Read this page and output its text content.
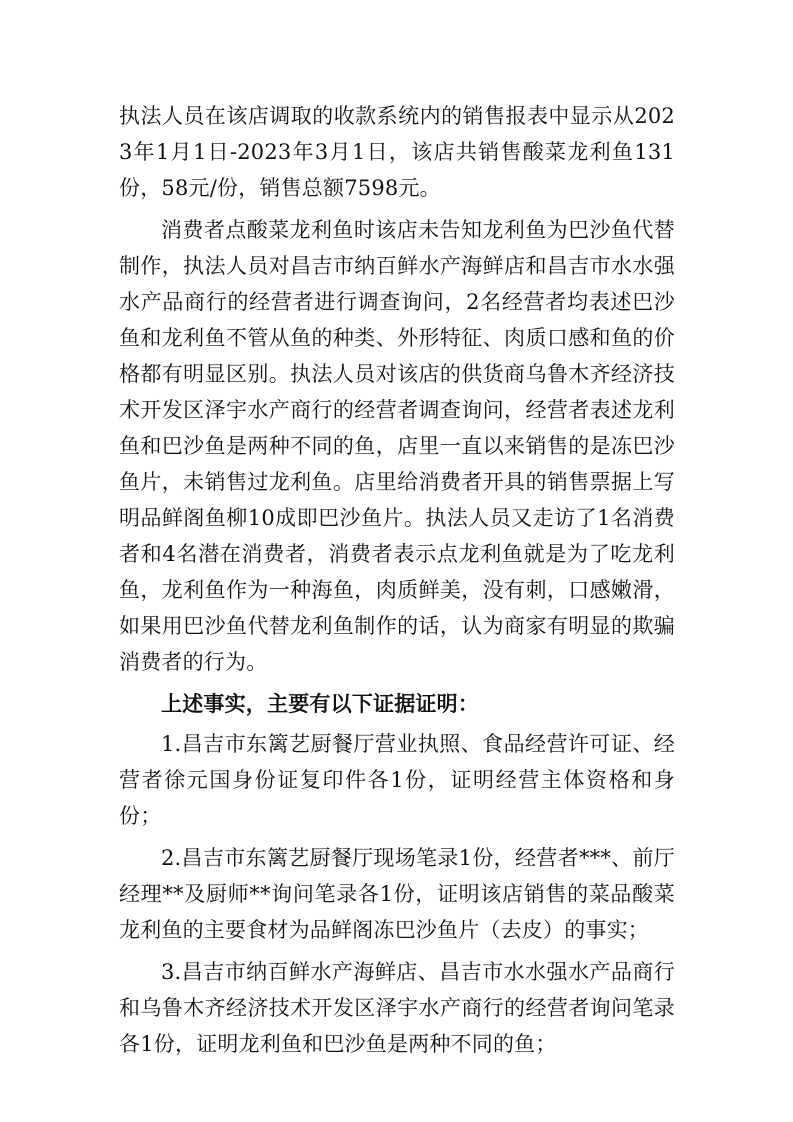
执法人员在该店调取的收款系统内的销售报表中显示从2023年1月1日-2023年3月1日，该店共销售酸菜龙利鱼131份，58元/份，销售总额7598元。

消费者点酸菜龙利鱼时该店未告知龙利鱼为巴沙鱼代替制作，执法人员对昌吉市纳百鲜水产海鲜店和昌吉市水水强水产品商行的经营者进行调查询问，2名经营者均表述巴沙鱼和龙利鱼不管从鱼的种类、外形特征、肉质口感和鱼的价格都有明显区别。执法人员对该店的供货商乌鲁木齐经济技术开发区泽宇水产商行的经营者调查询问，经营者表述龙利鱼和巴沙鱼是两种不同的鱼，店里一直以来销售的是冻巴沙鱼片，未销售过龙利鱼。店里给消费者开具的销售票据上写明品鲜阁鱼柳10成即巴沙鱼片。执法人员又走访了1名消费者和4名潜在消费者，消费者表示点龙利鱼就是为了吃龙利鱼，龙利鱼作为一种海鱼，肉质鲜美，没有刺，口感嫩滑，如果用巴沙鱼代替龙利鱼制作的话，认为商家有明显的欺骗消费者的行为。

上述事实，主要有以下证据证明：

1.昌吉市东篱艺厨餐厅营业执照、食品经营许可证、经营者徐元国身份证复印件各1份，证明经营主体资格和身份；

2.昌吉市东篱艺厨餐厅现场笔录1份，经营者***、前厅经理**及厨师**询问笔录各1份，证明该店销售的菜品酸菜龙利鱼的主要食材为品鲜阁冻巴沙鱼片（去皮）的事实；

3.昌吉市纳百鲜水产海鲜店、昌吉市水水强水产品商行和乌鲁木齐经济技术开发区泽宇水产商行的经营者询问笔录各1份，证明龙利鱼和巴沙鱼是两种不同的鱼；
